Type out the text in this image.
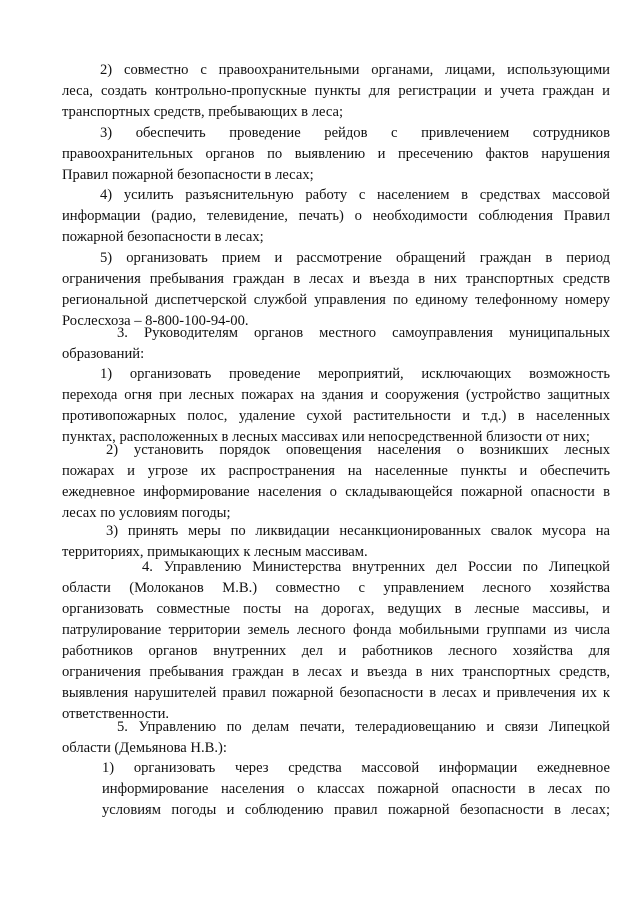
2) совместно с правоохранительными органами, лицами, использующими
леса, создать контрольно-пропускные пункты для регистрации и учета граждан и
транспортных средств, пребывающих в леса;
3) обеспечить проведение рейдов с привлечением сотрудников
правоохранительных органов по выявлению и пресечению фактов нарушения
Правил пожарной безопасности в лесах;
4) усилить разъяснительную работу с населением в средствах массовой
информации (радио, телевидение, печать) о необходимости соблюдения Правил
пожарной безопасности в лесах;
5) организовать прием и рассмотрение обращений граждан в период
ограничения пребывания граждан в лесах и въезда в них транспортных средств
региональной диспетчерской службой управления по единому телефонному номеру
Рослесхоза – 8-800-100-94-00.
3. Руководителям органов местного самоуправления муниципальных
образований:
1) организовать проведение мероприятий, исключающих возможность
перехода огня при лесных пожарах на здания и сооружения (устройство защитных
противопожарных полос, удаление сухой растительности и т.д.) в населенных
пунктах, расположенных в лесных массивах или непосредственной близости от них;
2) установить порядок оповещения населения о возникших лесных
пожарах и угрозе их распространения на населенные пункты и обеспечить
ежедневное информирование населения о складывающейся пожарной опасности в
лесах по условиям погоды;
3) принять меры по ликвидации несанкционированных свалок мусора на
территориях, примыкающих к лесным массивам.
4. Управлению Министерства внутренних дел России по Липецкой
области (Молоканов М.В.) совместно с управлением лесного хозяйства
организовать совместные посты на дорогах, ведущих в лесные массивы, и
патрулирование территории земель лесного фонда мобильными группами из числа
работников органов внутренних дел и работников лесного хозяйства для
ограничения пребывания граждан в лесах и въезда в них транспортных средств,
выявления нарушителей правил пожарной безопасности в лесах и привлечения их к
ответственности.
5. Управлению по делам печати, телерадиовещанию и связи Липецкой
области (Демьянова Н.В.):
1) организовать через средства массовой информации ежедневное
информирование населения о классах пожарной опасности в лесах по
условиям погоды и соблюдению правил пожарной безопасности в лесах;
